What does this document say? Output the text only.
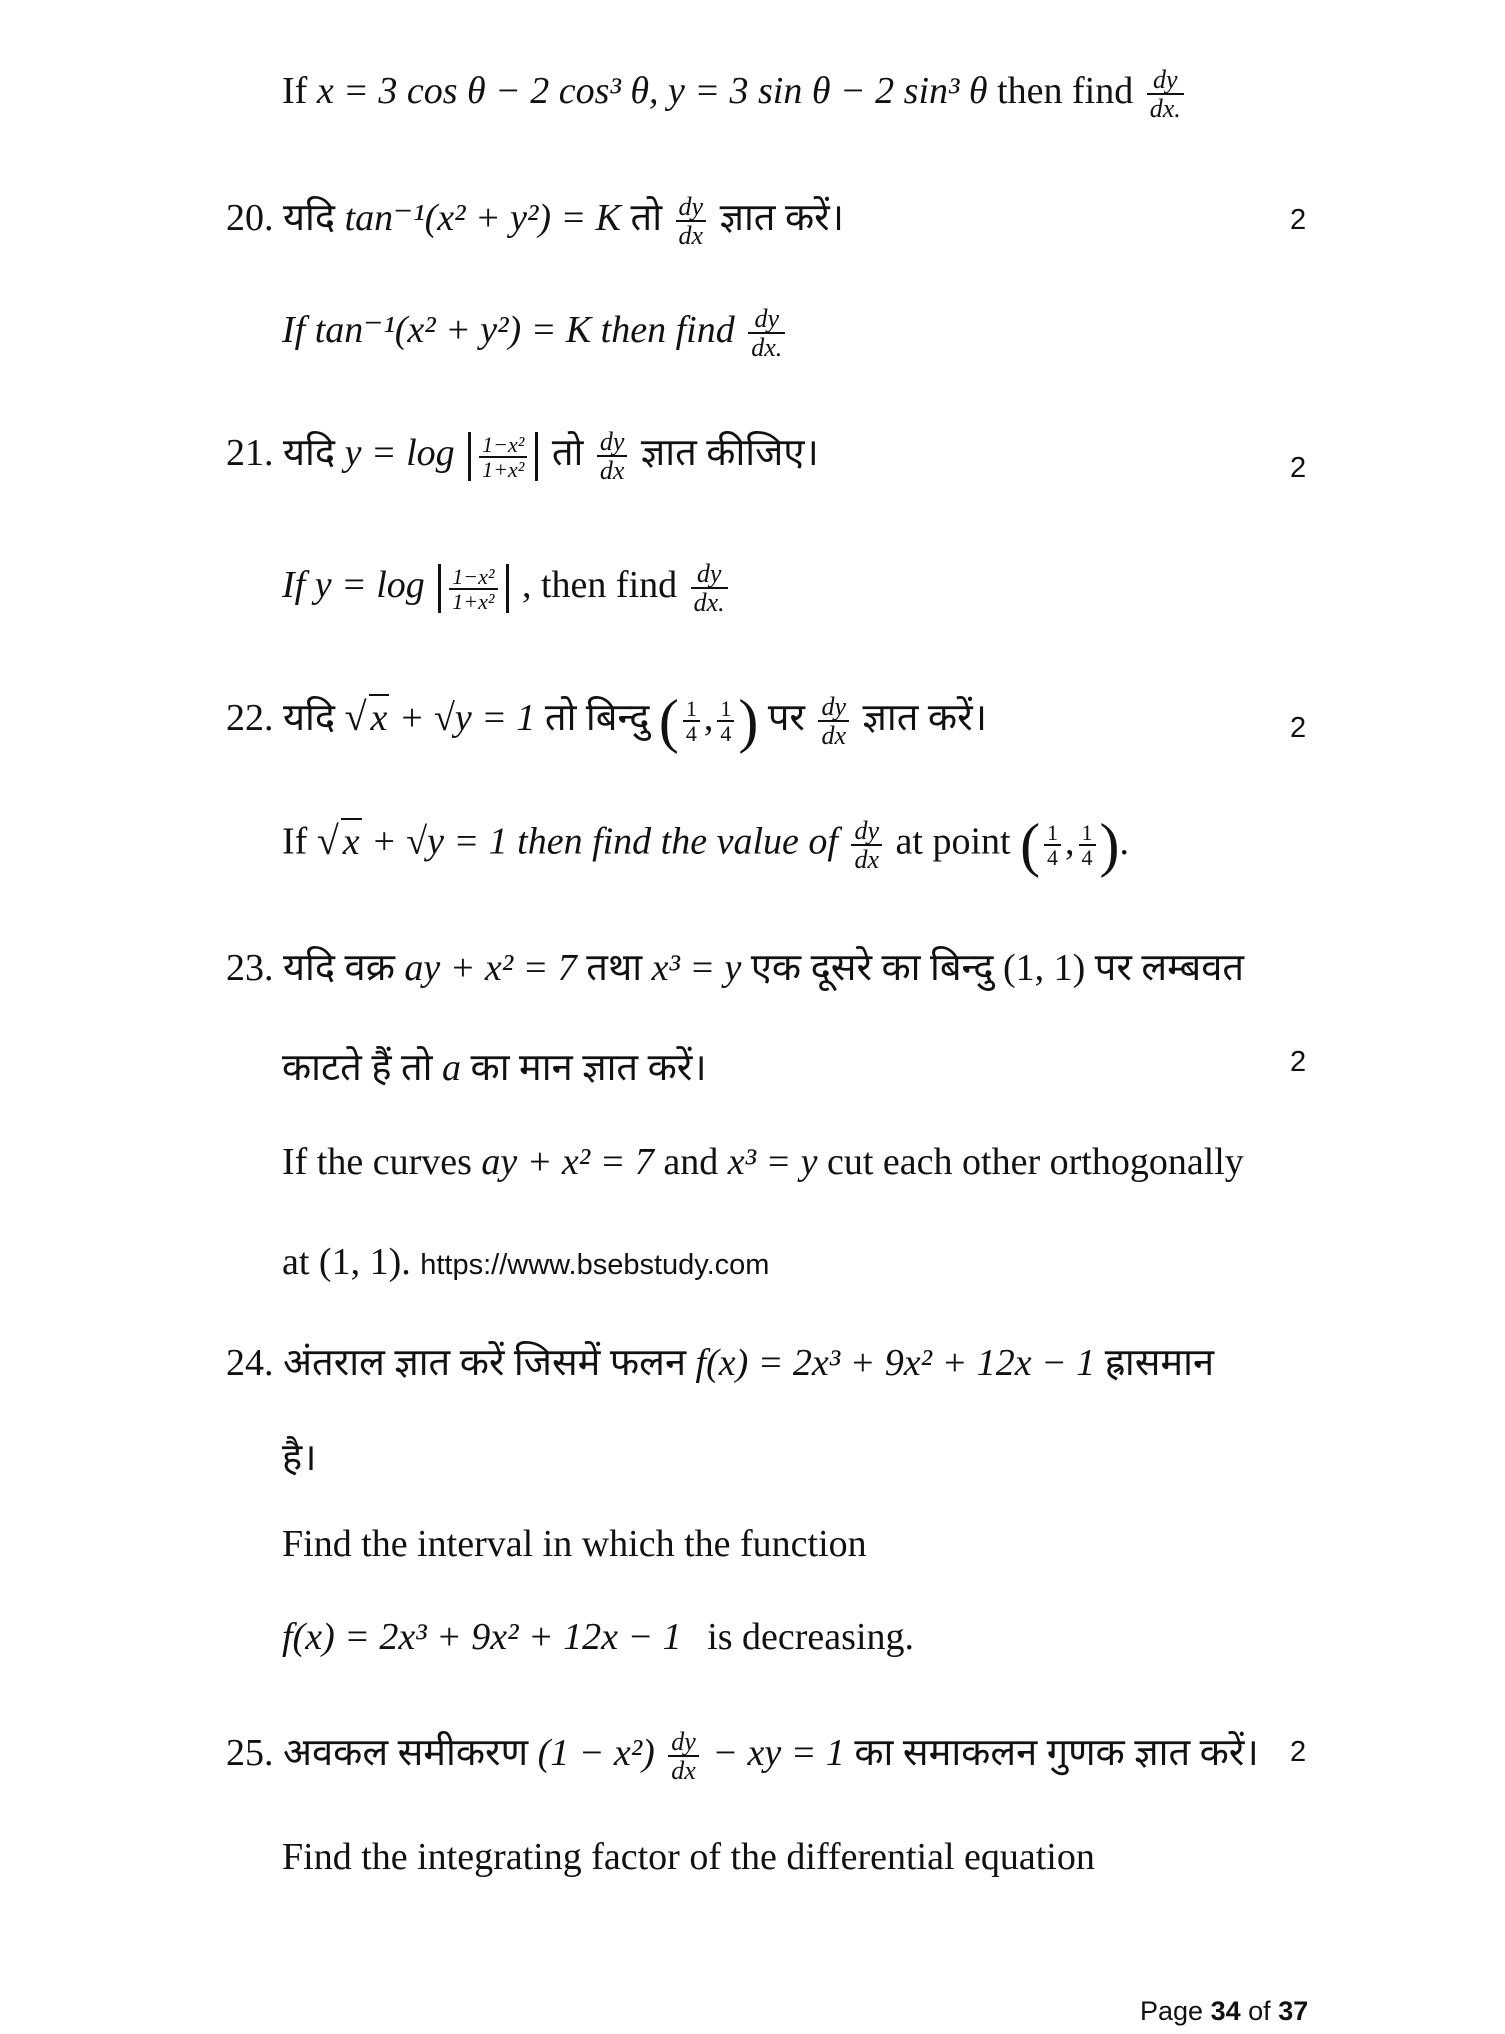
If x = 3 cos θ − 2 cos³ θ, y = 3 sin θ − 2 sin³ θ then find $\frac{dy}{dx.}$
20. यदि tan⁻¹(x² + y²) = K तो $\frac{dy}{dx}$ ज्ञात करें।	2
If tan⁻¹(x² + y²) = K then find $\frac{dy}{dx.}$
21. यदि $y = \log \frac{\text{1−x²}}{\text{1+x²}}$ तो $\frac{dy}{dx}$ ज्ञात कीजिए।	2
If $y = \log \frac{\text{1−x²}}{\text{1+x²}}$ , then find $\frac{dy}{dx.}$
22. यदि √ x + √y = 1 तो बिन्दु ( $\frac{1}{4}$ , $\frac{1}{4}$ ) पर $\frac{dy}{dx}$ ज्ञात करें।	2
If √ x + √y = 1 then find the value of $\frac{dy}{dx}$ at point ( $\frac{1}{4}$ , $\frac{1}{4}$ ).
23. यदि वक्र ay + x² = 7 तथा x³ = y एक दूसरे का बिन्दु (1, 1) पर लम्बवत
काटते हैं तो a का मान ज्ञात करें।	2
If the curves ay + x² = 7 and x³ = y cut each other orthogonally
at (1, 1). https://www.bsebstudy.com
24. अंतराल ज्ञात करें जिसमें फलन f(x) = 2x³ + 9x² + 12x − 1 ह्रासमान
है।
Find the interval in which the function
f(x) = 2x³ + 9x² + 12x − 1 is decreasing.
25. अवकल समीकरण $(1 - x^2) \frac{dy}{dx}$ − xy = 1 का समाकलन गुणक ज्ञात करें। 2
Find the integrating factor of the differential equation
Page 34 of 37
